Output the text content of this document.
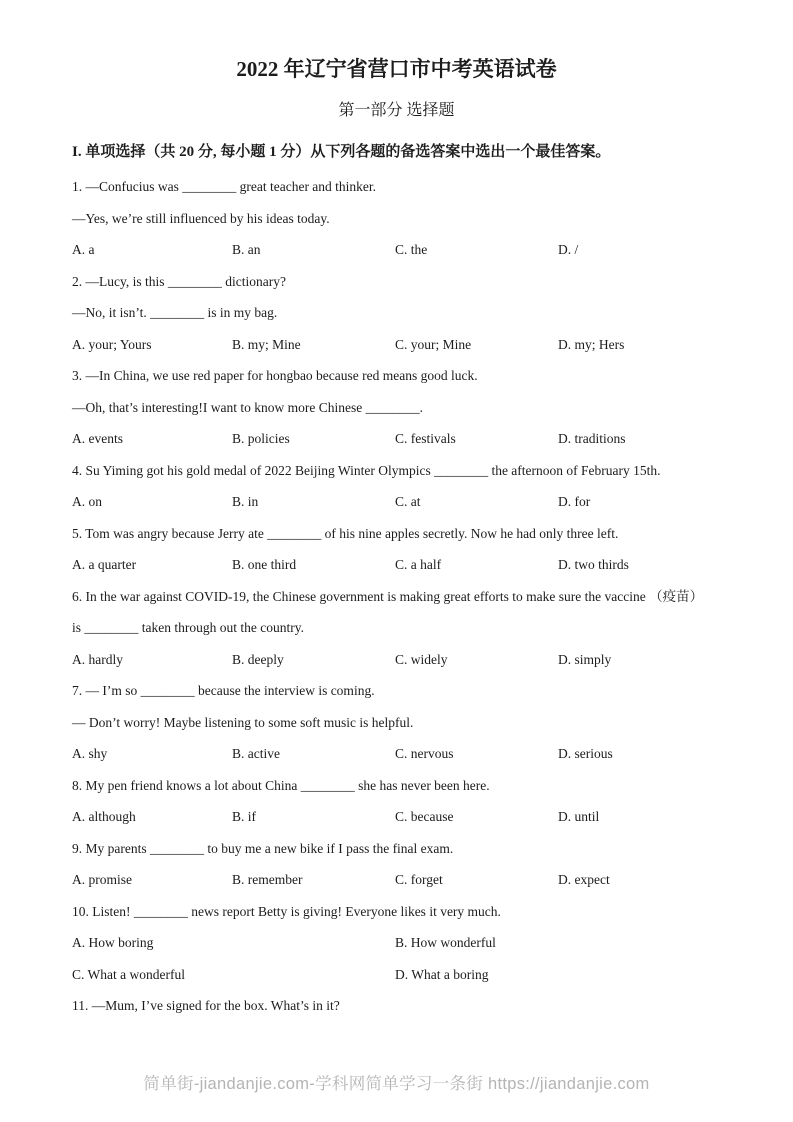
2022 年辽宁省营口市中考英语试卷
第一部分 选择题
I. 单项选择（共 20 分, 每小题 1 分）从下列各题的备选答案中选出一个最佳答案。

1. —Confucius was ________ great teacher and thinker.

—Yes, we’re still influenced by his ideas today.

A. a	B. an	C. the	D. /

2. —Lucy, is this ________ dictionary?

—No, it isn’t. ________ is in my bag.

A. your; Yours	B. my; Mine	C. your; Mine	D. my; Hers

3. —In China, we use red paper for hongbao because red means good luck.

—Oh, that’s interesting!I want to know more Chinese ________.

A. events	B. policies	C. festivals	D. traditions

4. Su Yiming got his gold medal of 2022 Beijing Winter Olympics ________ the afternoon of February 15th.

A. on	B. in	C. at	D. for

5. Tom was angry because Jerry ate ________ of his nine apples secretly. Now he had only three left.

A. a quarter	B. one third	C. a half	D. two thirds

6. In the war against COVID-19, the Chinese government is making great efforts to make sure the vaccine （疫苗）

is ________ taken through out the country.

A. hardly	B. deeply	C. widely	D. simply

7. — I’m so ________ because the interview is coming.

— Don’t worry! Maybe listening to some soft music is helpful.

A. shy	B. active	C. nervous	D. serious

8. My pen friend knows a lot about China ________ she has never been here.

A. although	B. if	C. because	D. until

9. My parents ________ to buy me a new bike if I pass the final exam.

A. promise	B. remember	C. forget	D. expect

10. Listen! ________ news report Betty is giving! Everyone likes it very much.

A. How boring	B. How wonderful
C. What a wonderful	D. What a boring

11. —Mum, I’ve signed for the box. What’s in it?

简单街-jiandanjie.com-学科网简单学习一条街 https://jiandanjie.com
